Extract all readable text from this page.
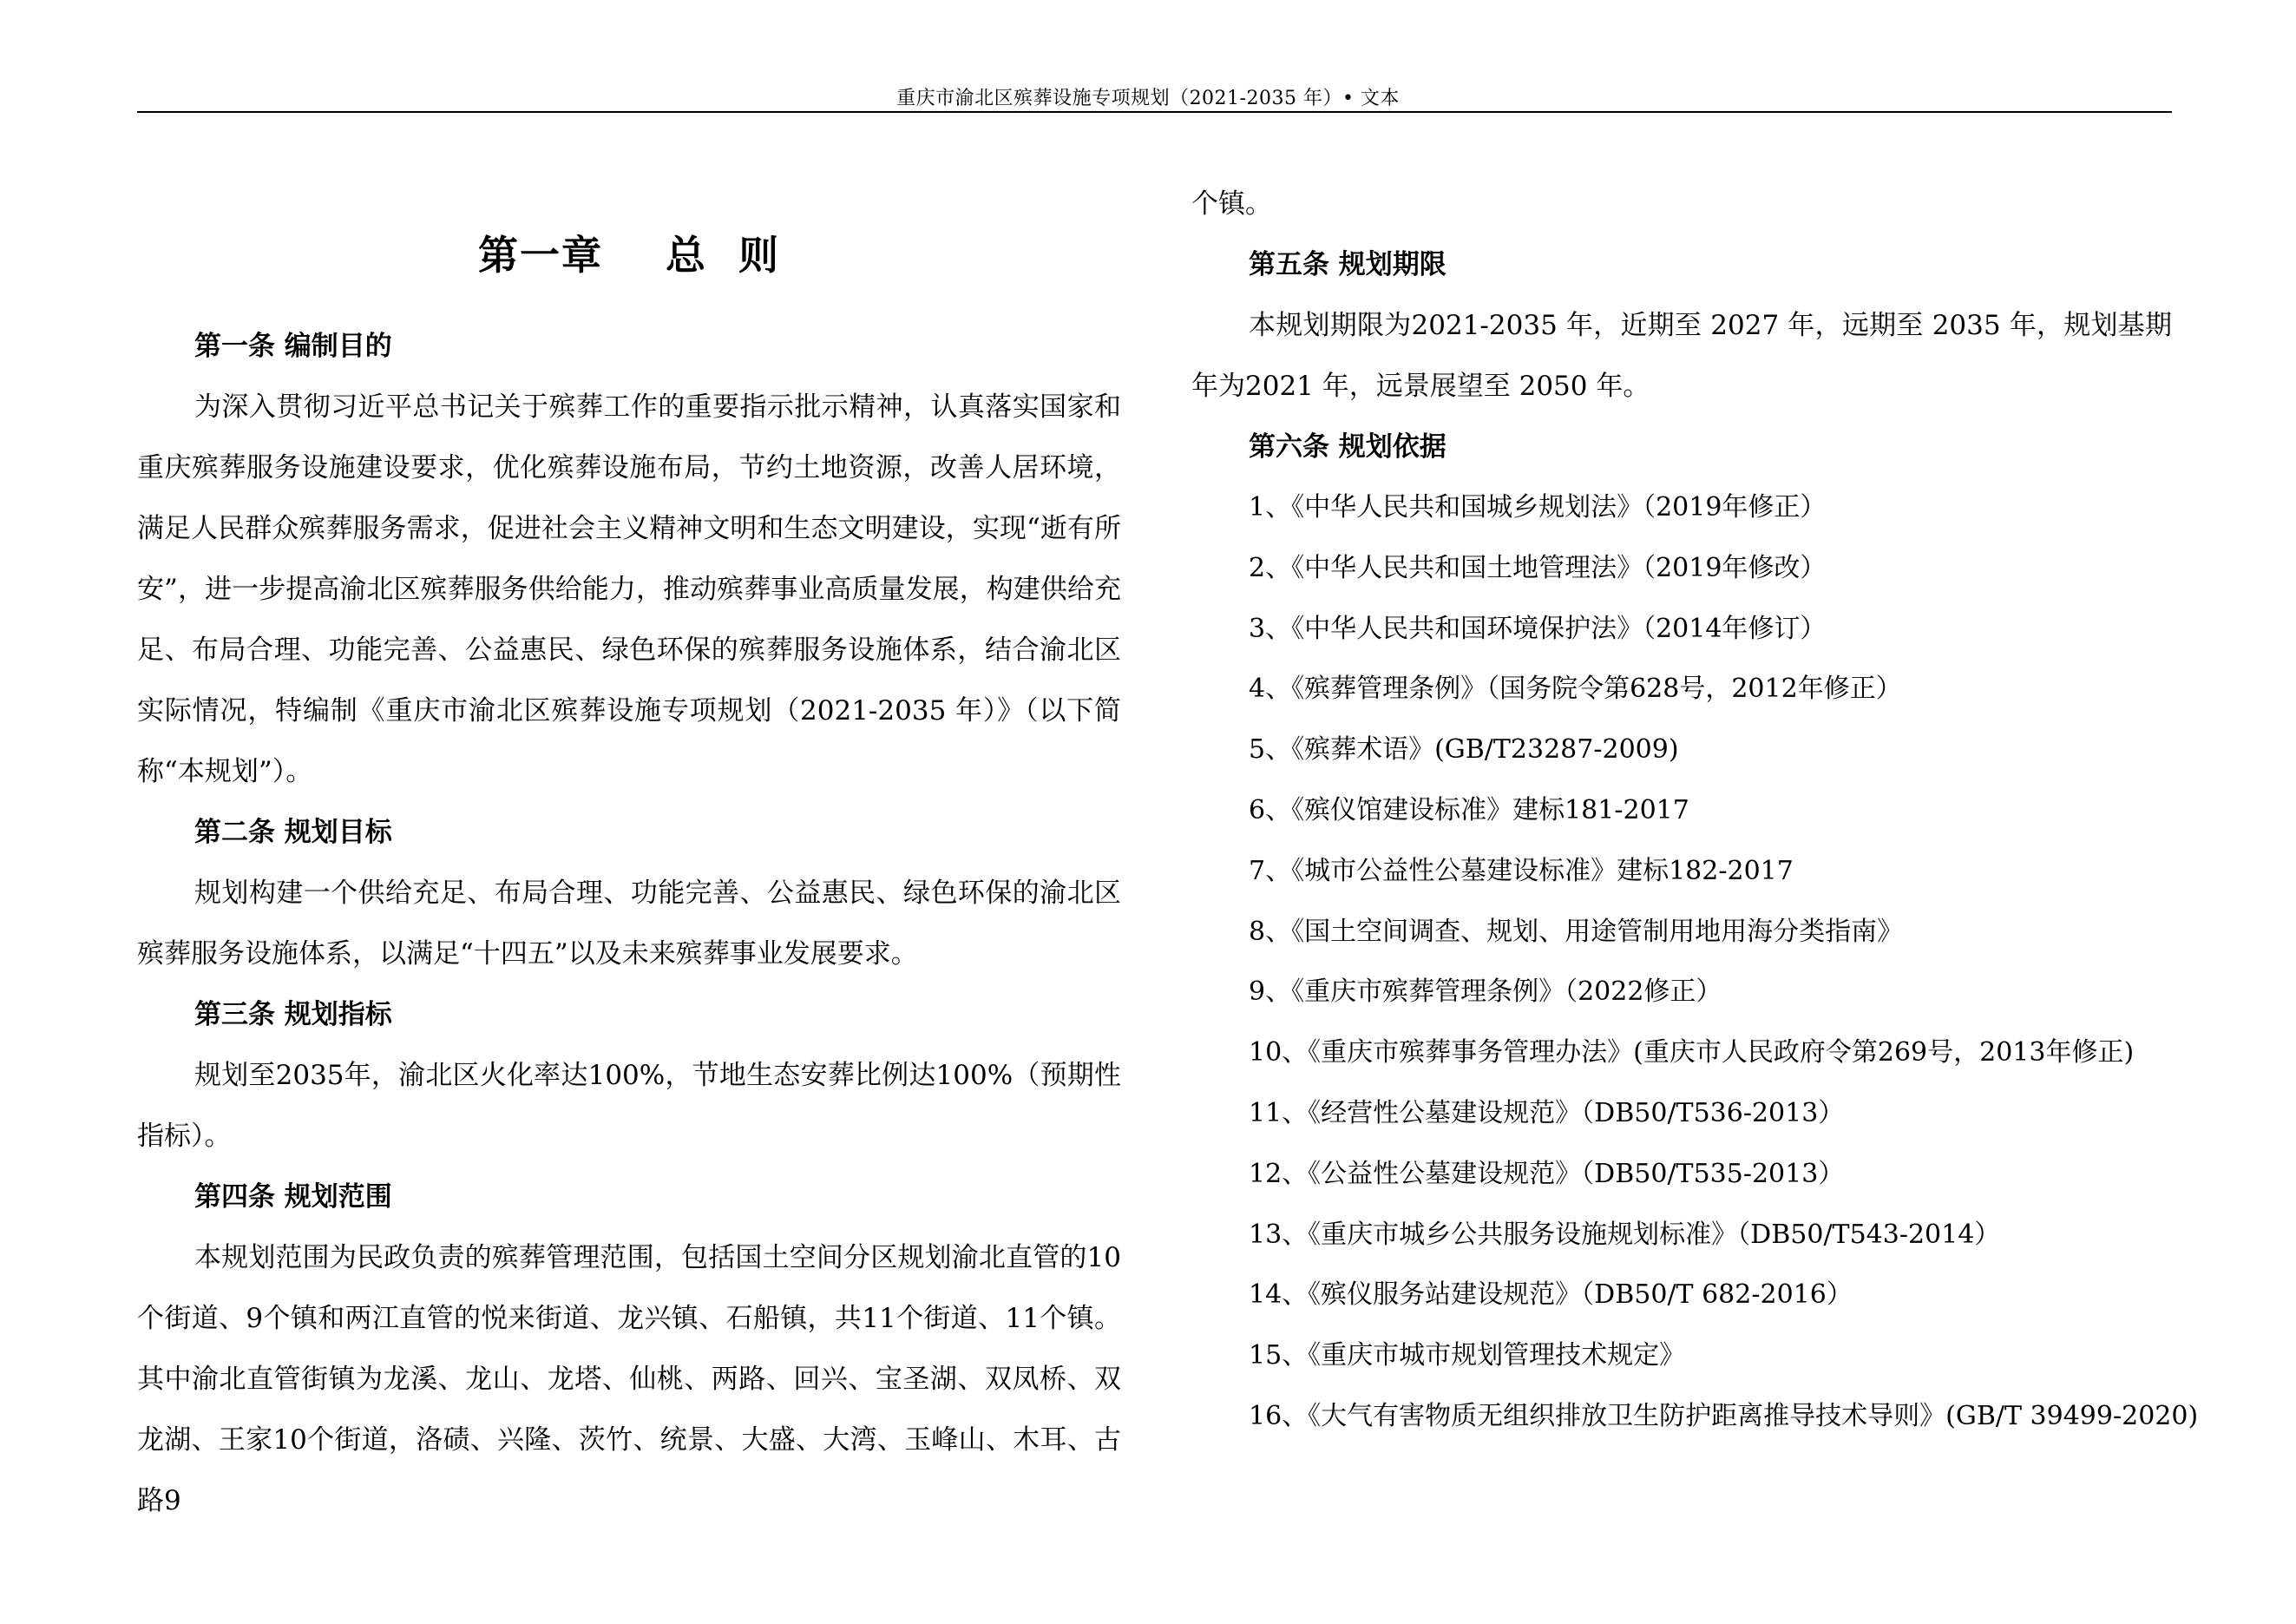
重庆市渝北区殡葬设施专项规划（2021-2035 年）• 文本
第一章    总  则
第一条 编制目的

为深入贯彻习近平总书记关于殡葬工作的重要指示批示精神，认真落实国家和重庆殡葬服务设施建设要求，优化殡葬设施布局，节约土地资源，改善人居环境，满足人民群众殡葬服务需求，促进社会主义精神文明和生态文明建设，实现“逝有所安”，进一步提高渝北区殡葬服务供给能力，推动殡葬事业高质量发展，构建供给充足、布局合理、功能完善、公益惠民、绿色环保的殡葬服务设施体系，结合渝北区实际情况，特编制《重庆市渝北区殡葬设施专项规划（2021-2035 年）》（以下简称“本规划”）。

第二条 规划目标

规划构建一个供给充足、布局合理、功能完善、公益惠民、绿色环保的渝北区殡葬服务设施体系，以满足“十四五”以及未来殡葬事业发展要求。

第三条 规划指标

规划至2035年，渝北区火化率达100%，节地生态安葬比例达100%（预期性指标）。

第四条 规划范围

本规划范围为民政负责的殡葬管理范围，包括国土空间分区规划渝北直管的10个街道、9个镇和两江直管的悦来街道、龙兴镇、石船镇，共11个街道、11个镇。其中渝北直管街镇为龙溪、龙山、龙塔、仙桃、两路、回兴、宝圣湖、双凤桥、双龙湖、王家10个街道，洛碛、兴隆、茨竹、统景、大盛、大湾、玉峰山、木耳、古路9

个镇。

第五条 规划期限

本规划期限为2021-2035 年，近期至 2027 年，远期至 2035 年，规划基期年为2021 年，远景展望至 2050 年。

第六条 规划依据
1、《中华人民共和国城乡规划法》（2019年修正）
2、《中华人民共和国土地管理法》（2019年修改）
3、《中华人民共和国环境保护法》（2014年修订）
4、《殡葬管理条例》（国务院令第628号，2012年修正）
5、《殡葬术语》(GB/T23287-2009)
6、《殡仪馆建设标准》建标181-2017
7、《城市公益性公墓建设标准》建标182-2017
8、《国土空间调查、规划、用途管制用地用海分类指南》
9、《重庆市殡葬管理条例》（2022修正）
10、《重庆市殡葬事务管理办法》(重庆市人民政府令第269号，2013年修正)
11、《经营性公墓建设规范》（DB50/T536-2013）
12、《公益性公墓建设规范》（DB50/T535-2013）
13、《重庆市城乡公共服务设施规划标准》（DB50/T543-2014）
14、《殡仪服务站建设规范》（DB50/T 682-2016）
15、《重庆市城市规划管理技术规定》
16、《大气有害物质无组织排放卫生防护距离推导技术导则》(GB/T 39499-2020)
